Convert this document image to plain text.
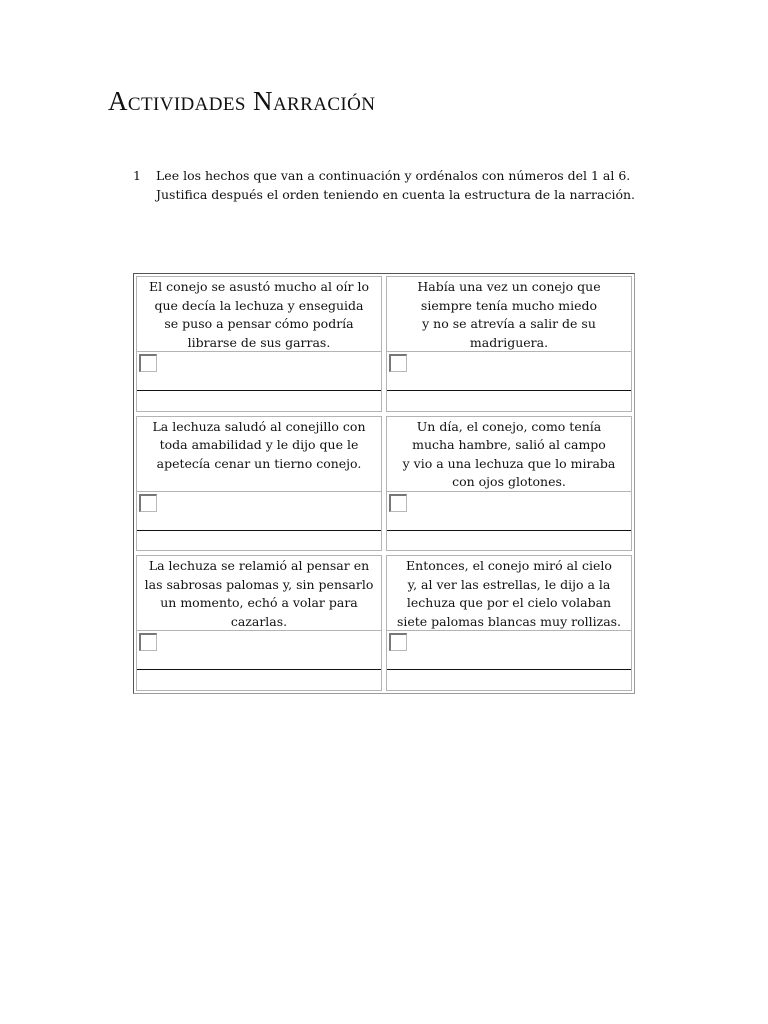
Actividades Narración
1 Lee los hechos que van a continuación y ordénalos con números del 1 al 6. Justifica después el orden teniendo en cuenta la estructura de la narración.

El conejo se asustó mucho al oír lo
que decía la lechuza y enseguida
se puso a pensar cómo podría
librarse de sus garras.
Había una vez un conejo que
siempre tenía mucho miedo
y no se atrevía a salir de su
madriguera.
La lechuza saludó al conejillo con
toda amabilidad y le dijo que le
apetecía cenar un tierno conejo.
Un día, el conejo, como tenía
mucha hambre, salió al campo
y vio a una lechuza que lo miraba
con ojos glotones.
La lechuza se relamió al pensar en
las sabrosas palomas y, sin pensarlo
un momento, echó a volar para
cazarlas.
Entonces, el conejo miró al cielo
y, al ver las estrellas, le dijo a la
lechuza que por el cielo volaban
siete palomas blancas muy rollizas.
